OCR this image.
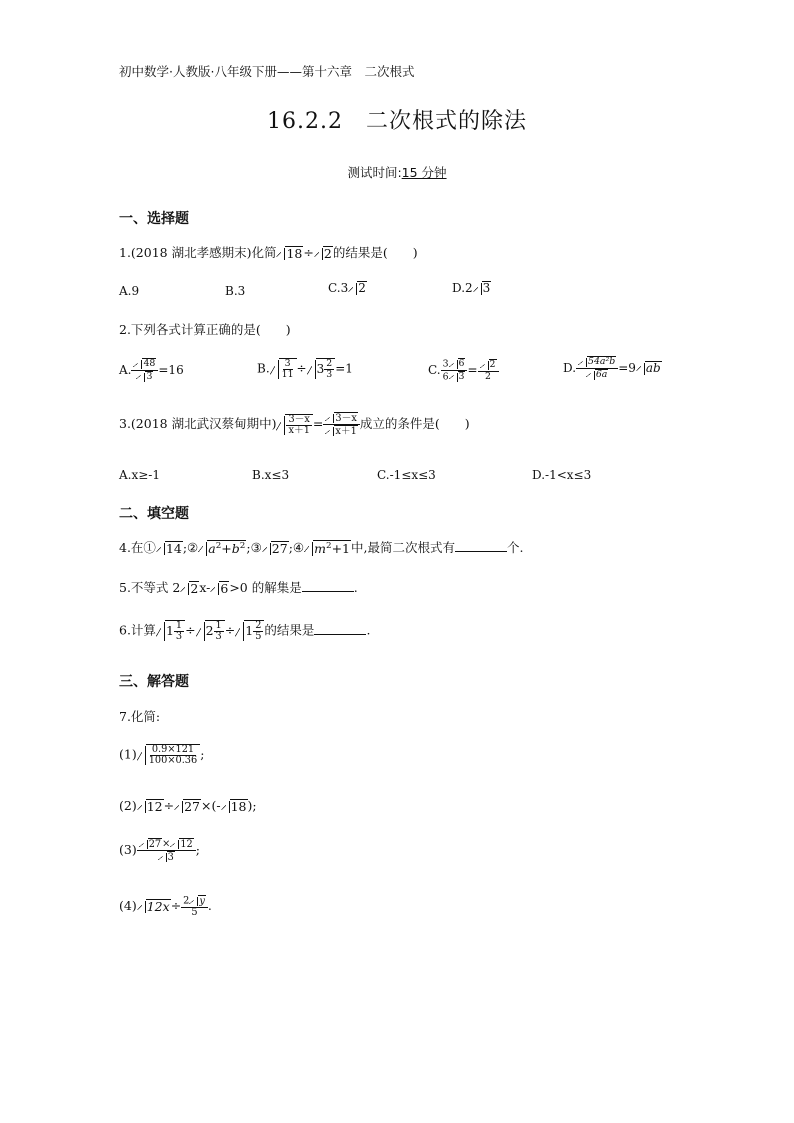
初中数学·人教版·八年级下册——第十六章　二次根式
16.2.2　二次根式的除法
测试时间:15 分钟
一、选择题
1.(2018 湖北孝感期末)化简 18÷ 2的结果是(　　)
A.9	B.3	C.3 2	D.2 3
2.下列各式计算正确的是(　　)
A. $\frac{48}{3} =16$	B. $\frac{3}{11} \div 3 \frac{2}{3} =1$	C. $\frac{3 6}{6 3} = \frac{2}{2}$	D. $\frac{\text{54a²b}}{6a} =9$ ab
3.(2018 湖北武汉蔡甸期中) $\frac{3-x}{x+1} = \frac{3-x}{x+1}$ 成立的条件是(　　)
A.x≥-1	B.x≤3	C.-1≤x≤3	D.-1<x≤3
二、填空题
4.在① 14;② $a^2+b^2;③$ 27;④ $m^2+1$中,最简二次根式有	个.
5.不等式 2 2x- 6>0 的解集是	.
6.计算 $1 \frac{1}{3} \div 2 \frac{1}{3} \div 1 \frac{2}{5}$ 的结果是	.
三、解答题
7.化简:
$(1) \frac{0.9\times 121}{100\times 0.36}$ ;
(2) 12÷ 27×(- 18);
$(3) \frac{27\times 12}{3}$ ;
(4) $12x\div \frac{2 y}{5}$ .
